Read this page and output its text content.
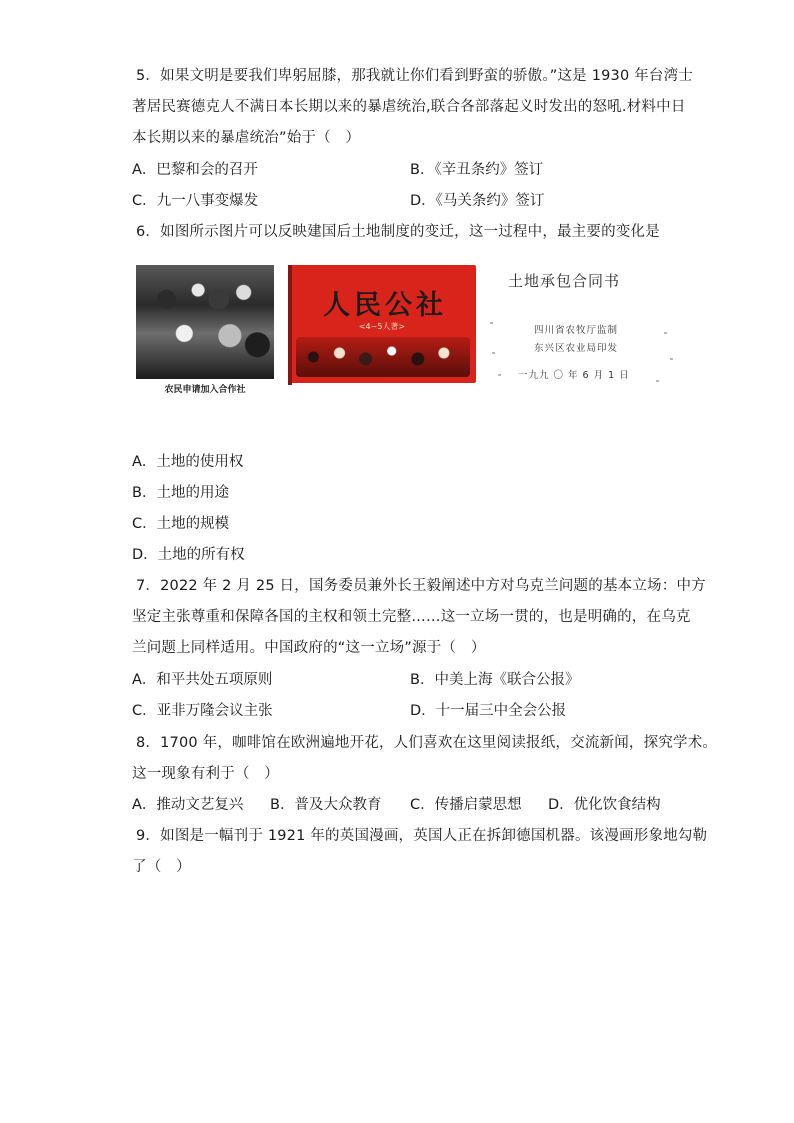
5．如果文明是要我们卑躬屈膝，那我就让你们看到野蛮的骄傲。”这是 1930 年台湾士
著居民赛德克人不满日本长期以来的暴虐统治,联合各部落起义时发出的怒吼.材料中日
本长期以来的暴虐统治”始于（　）
A．巴黎和会的召开	B．《辛丑条约》签订
C．九一八事变爆发	D．《马关条约》签订
6．如图所示图片可以反映建国后土地制度的变迁，这一过程中，最主要的变化是
农民申请加入合作社
人民公社
<4~5人著>
土地承包合同书
四川省农牧厅监制
东兴区农业局印发
一九九 〇 年 6 月 1 日
A．土地的使用权
B．土地的用途
C．土地的规模
D．土地的所有权
7．2022 年 2 月 25 日，国务委员兼外长王毅阐述中方对乌克兰问题的基本立场：中方
坚定主张尊重和保障各国的主权和领土完整……这一立场一贯的，也是明确的，在乌克
兰问题上同样适用。中国政府的“这一立场”源于（　）
A．和平共处五项原则	B．中美上海《联合公报》
C．亚非万隆会议主张	D．十一届三中全会公报
8．1700 年，咖啡馆在欧洲遍地开花，人们喜欢在这里阅读报纸，交流新闻，探究学术。
这一现象有利于（　）
A．推动文艺复兴 B．普及大众教育 C．传播启蒙思想 D．优化饮食结构
9．如图是一幅刊于 1921 年的英国漫画，英国人正在拆卸德国机器。该漫画形象地勾勒
了（　）
